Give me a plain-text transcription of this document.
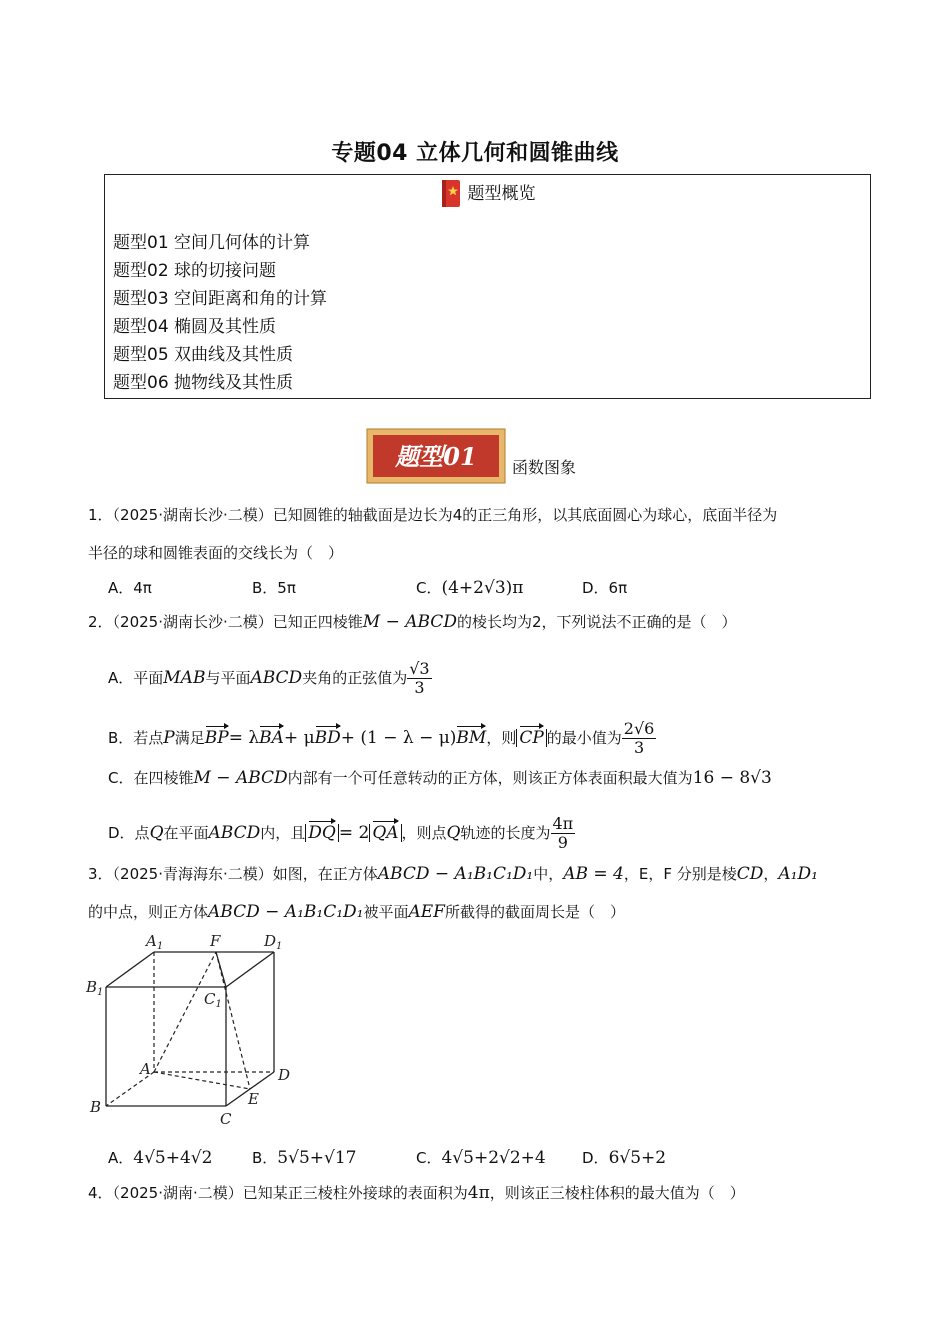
专题04 立体几何和圆锥曲线
题型概览
题型01 空间几何体的计算
题型02 球的切接问题
题型03 空间距离和角的计算
题型04 椭圆及其性质
题型05 双曲线及其性质
题型06 抛物线及其性质
题型01 函数图象
1．（2025·湖南长沙·二模）已知圆锥的轴截面是边长为4的正三角形，以其底面圆心为球心，底面半径为
半径的球和圆锥表面的交线长为（　）
A．4π	B．5π	C．(4+2√3)π	D．6π
2．（2025·湖南长沙·二模）已知正四棱锥M − ABCD的棱长均为2，下列说法不正确的是（　）
A．平面MAB与平面ABCD夹角的正弦值为 $\frac{√3}{3}$
B．若点P满足BP= λBA+ μBD+ (1 − λ − μ)BM，则 CP 的最小值为 $\frac{2√6}{3}$
C．在四棱锥M − ABCD内部有一个可任意转动的正方体，则该正方体表面积最大值为16 − 8√3
D．点Q在平面ABCD内，且 DQ = 2 QA ，则点Q轨迹的长度为 $\frac{4\pi}{9}$
3．（2025·青海海东·二模）如图，在正方体ABCD − A₁B₁C₁D₁中，AB = 4，E，F 分别是棱CD，A₁D₁
的中点，则正方体ABCD − A₁B₁C₁D₁被平面AEF所截得的截面周长是（　）
$A_1$	F	$D_1$
$B_1$	$C_1$
A	D
B	E
C
A．4√5+4√2	B．5√5+√17	C．4√5+2√2+4 D．6√5+2
4．（2025·湖南·二模）已知某正三棱柱外接球的表面积为4π，则该正三棱柱体积的最大值为（　）
